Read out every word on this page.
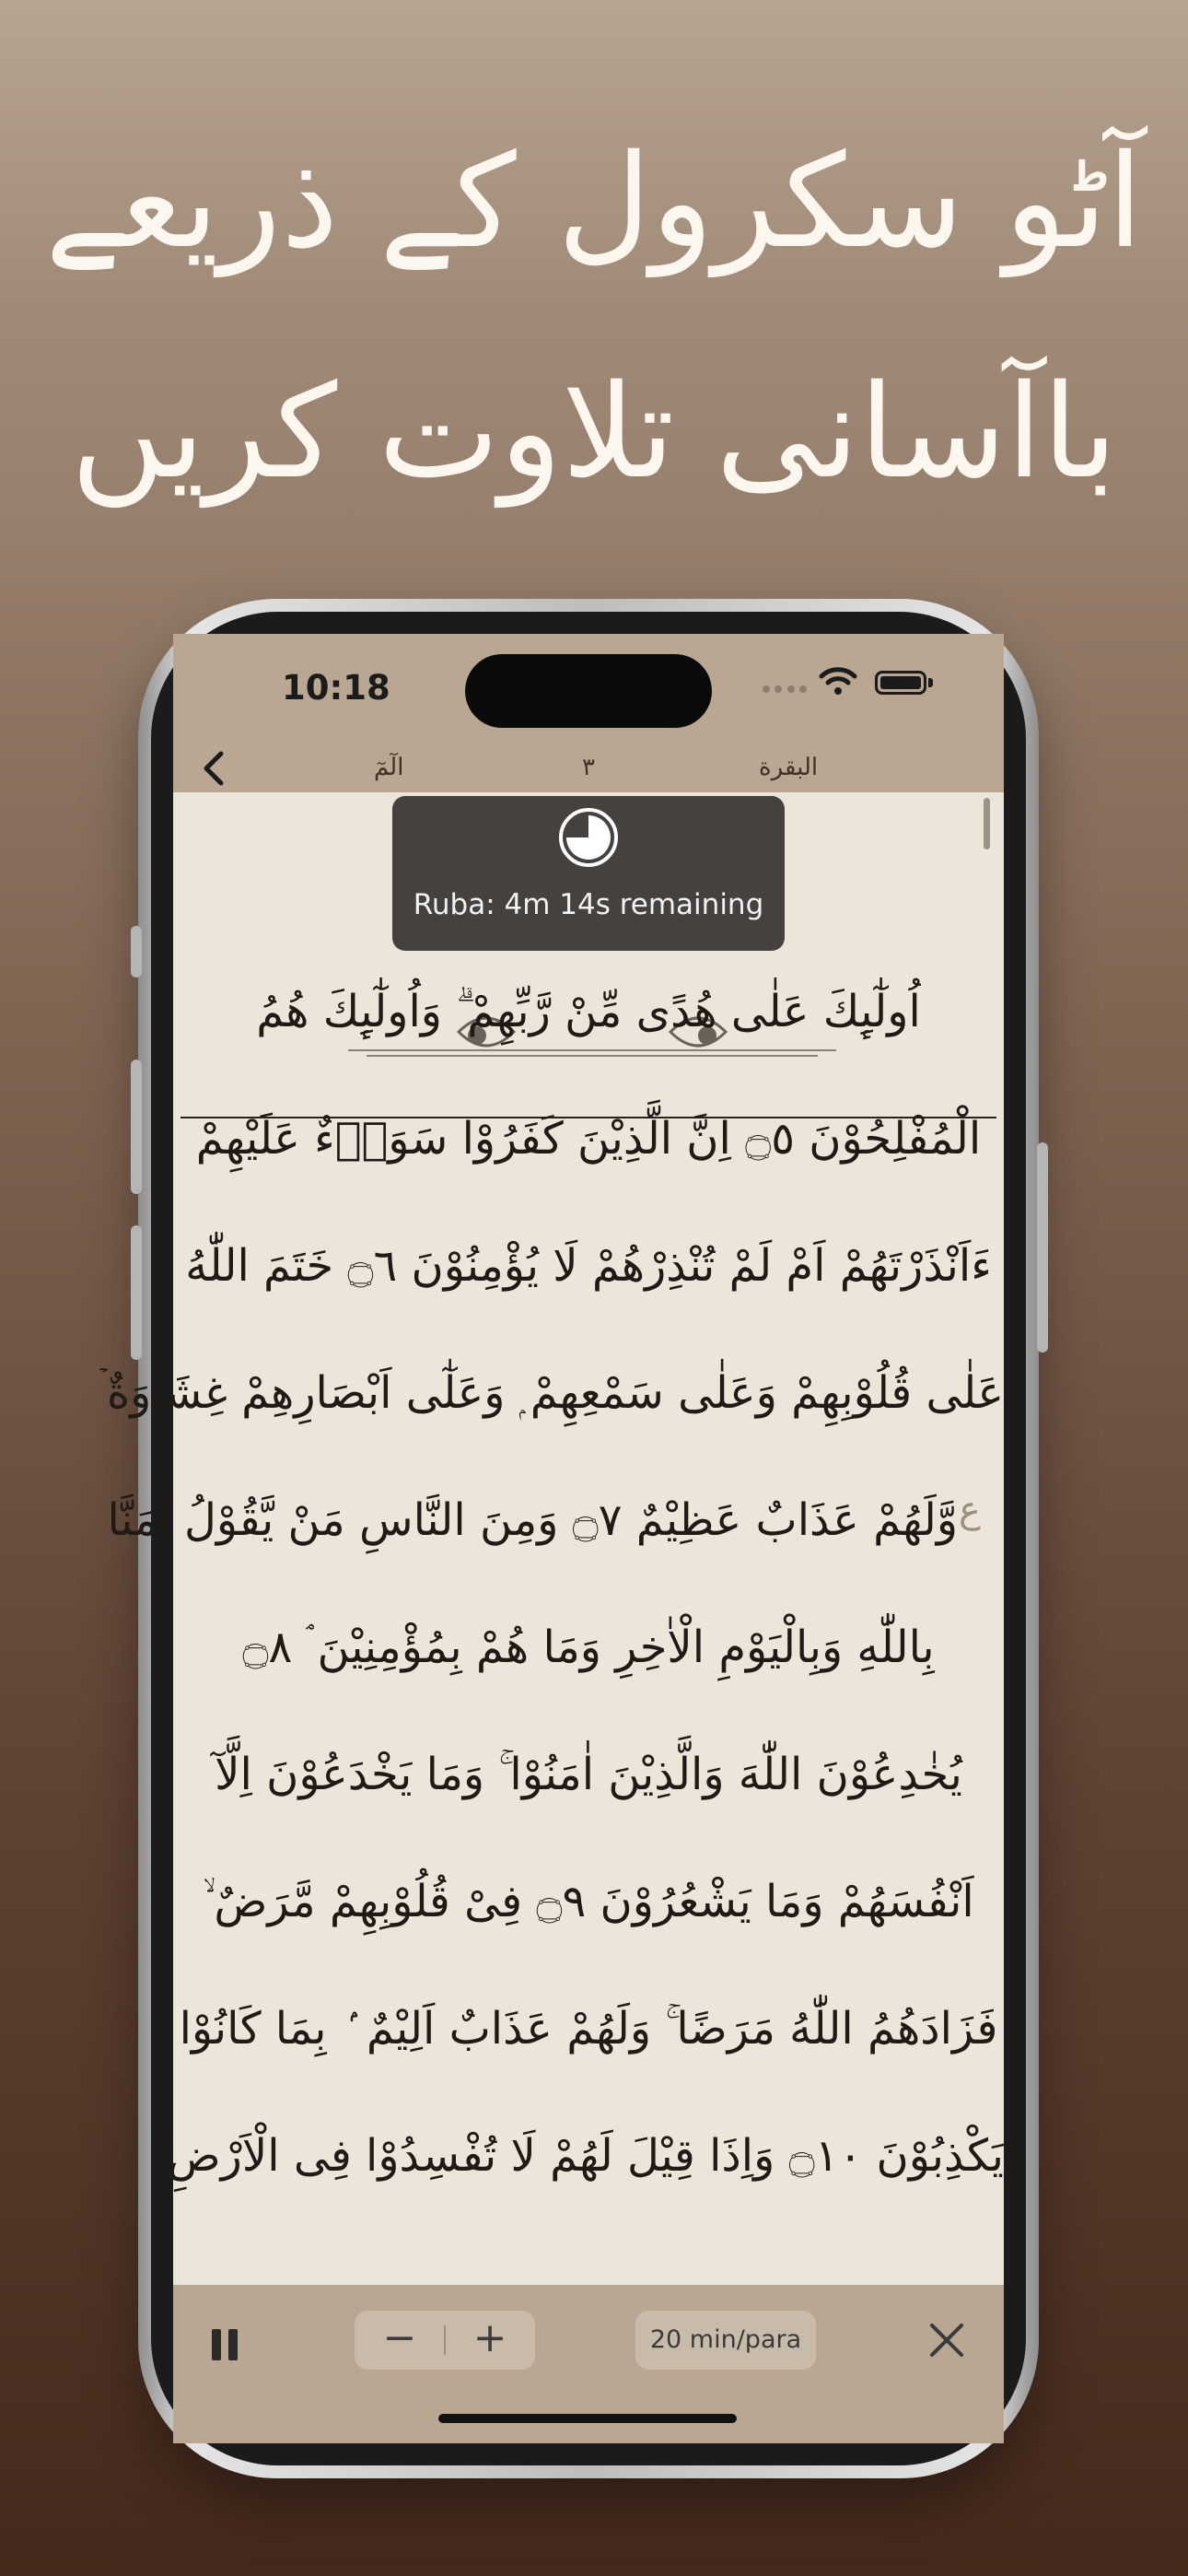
آٹو سکرول کے ذریعے
باآسانی تلاوت کریں
10:18
الٓمٓ	٣	البقرة
Ruba: 4m 14s remaining
اُولٰٓىِٕكَ عَلٰى هُدًى مِّنْ رَّبِّهِمْ ۗ وَاُولٰٓىِٕكَ هُمُ
الْمُفْلِحُوْنَ ۝٥ اِنَّ الَّذِيْنَ كَفَرُوْا سَوَاۗءٌ عَلَيْهِمْ
ءَاَنْذَرْتَهُمْ اَمْ لَمْ تُنْذِرْهُمْ لَا يُؤْمِنُوْنَ ۝٦ خَتَمَ اللّٰهُ
عَلٰى قُلُوْبِهِمْ وَعَلٰى سَمْعِهِمْ ۭ وَعَلٰٓى اَبْصَارِهِمْ غِشَاوَةٌ ۡ
وَّلَهُمْ عَذَابٌ عَظِيْمٌ ۝٧ وَمِنَ النَّاسِ مَنْ يَّقُوْلُ اٰمَنَّا
بِاللّٰهِ وَبِالْيَوْمِ الْاٰخِرِ وَمَا هُمْ بِمُؤْمِنِيْنَ ۘ ۝٨
يُخٰدِعُوْنَ اللّٰهَ وَالَّذِيْنَ اٰمَنُوْا ۚ وَمَا يَخْدَعُوْنَ اِلَّآ
اَنْفُسَهُمْ وَمَا يَشْعُرُوْنَ ۝٩ فِىْ قُلُوْبِهِمْ مَّرَضٌ ۙ
فَزَادَهُمُ اللّٰهُ مَرَضًا ۚ وَلَهُمْ عَذَابٌ اَلِيْمٌ ۢ بِمَا كَانُوْا
يَكْذِبُوْنَ ۝١٠ وَاِذَا قِيْلَ لَهُمْ لَا تُفْسِدُوْا فِى الْاَرْضِ ۙ
ع
−	+	20 min/para
